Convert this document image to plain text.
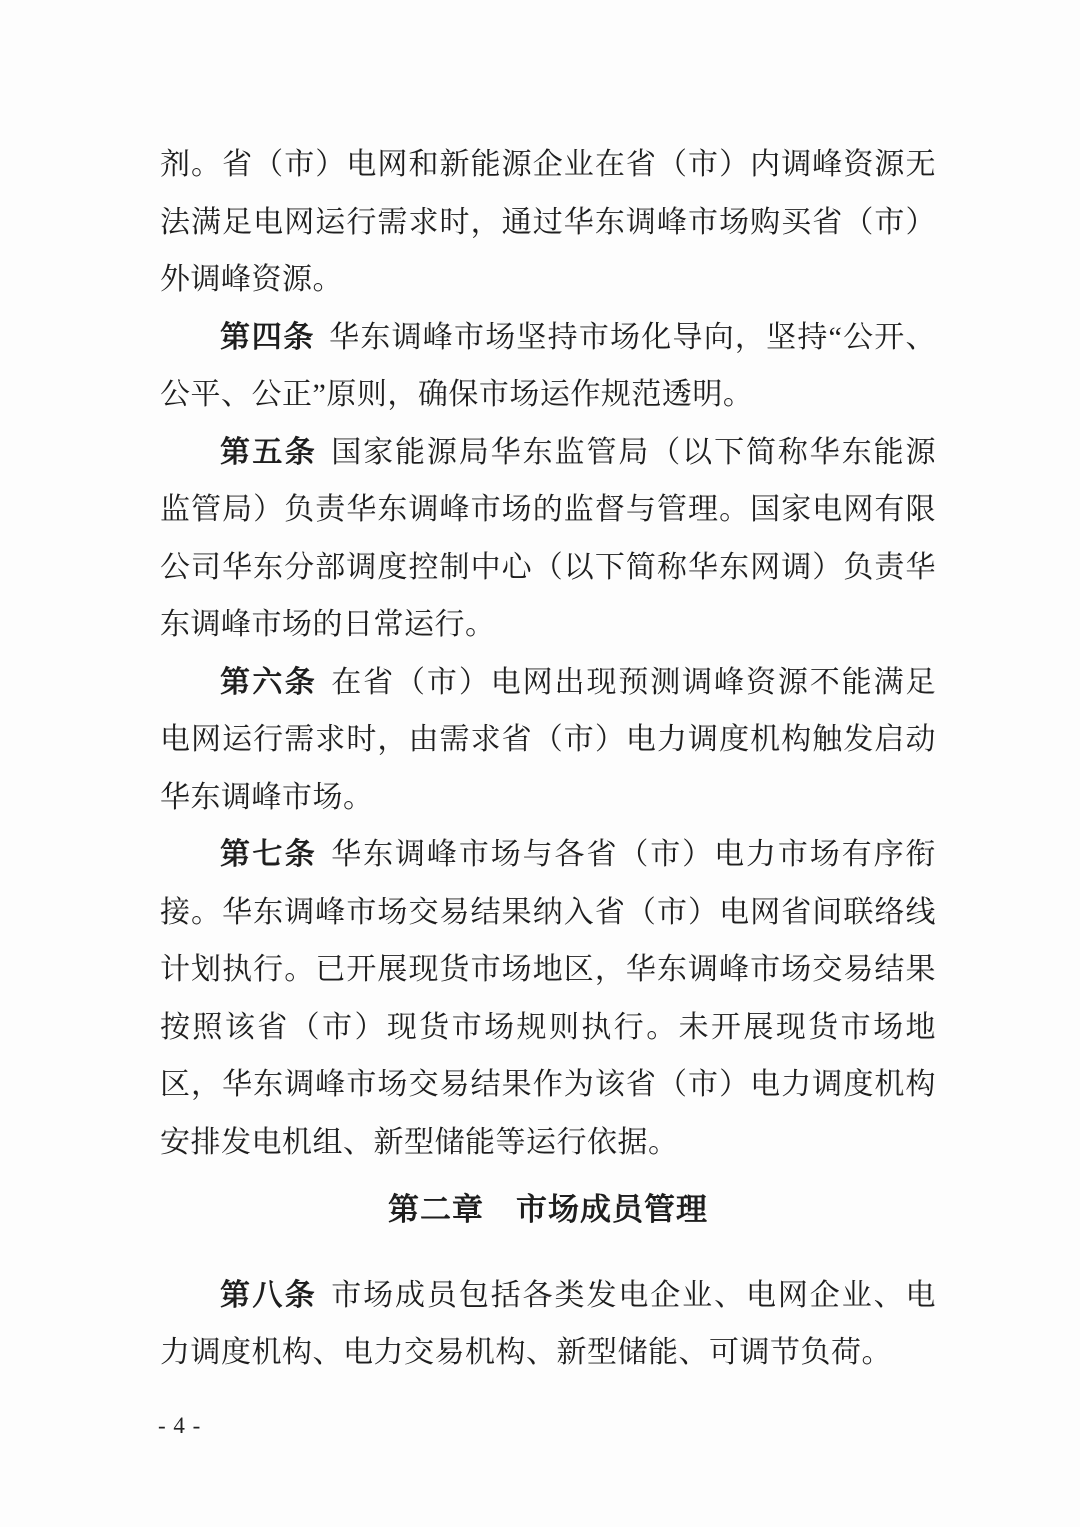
剂。省（市）电网和新能源企业在省（市）内调峰资源无法满足电网运行需求时，通过华东调峰市场购买省（市）外调峰资源。

第四条 华东调峰市场坚持市场化导向，坚持“公开、公平、公正”原则，确保市场运作规范透明。

第五条 国家能源局华东监管局（以下简称华东能源监管局）负责华东调峰市场的监督与管理。国家电网有限公司华东分部调度控制中心（以下简称华东网调）负责华东调峰市场的日常运行。

第六条 在省（市）电网出现预测调峰资源不能满足电网运行需求时，由需求省（市）电力调度机构触发启动华东调峰市场。

第七条 华东调峰市场与各省（市）电力市场有序衔接。华东调峰市场交易结果纳入省（市）电网省间联络线计划执行。已开展现货市场地区，华东调峰市场交易结果按照该省（市）现货市场规则执行。未开展现货市场地区，华东调峰市场交易结果作为该省（市）电力调度机构安排发电机组、新型储能等运行依据。

第二章　市场成员管理

第八条 市场成员包括各类发电企业、电网企业、电力调度机构、电力交易机构、新型储能、可调节负荷。

- 4 -
